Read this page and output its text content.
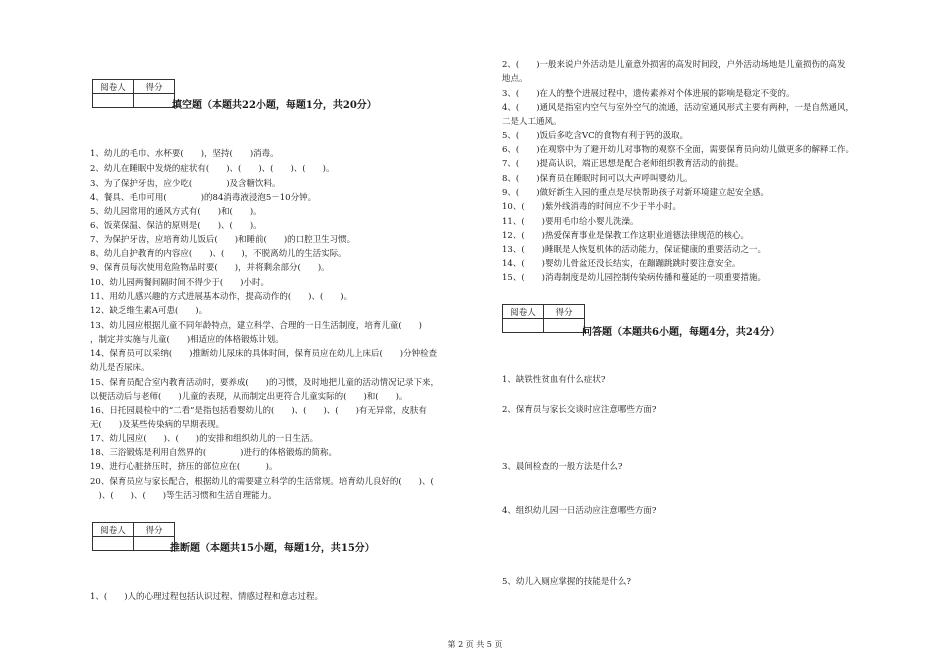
阅卷人	得分

填空题（本题共22小题，每题1分，共20分）
1、幼儿的毛巾、水杯要(　　)，坚持(　　)消毒。
2、幼儿在睡眠中发烧的症状有(　　)、(　　)、(　　)、(　　)。
3、为了保护牙齿，应少吃(　　　　)及含糖饮料。
4、餐具、毛巾可用(　　　　)的84消毒液浸泡5－10分钟。
5、幼儿园常用的通风方式有(　　)和(　　)。
6、饭菜保温、保洁的原则是(　　)、(　　)。
7、为保护牙齿，应培育幼儿饭后(　　)和睡前(　　)的口腔卫生习惯。
8、幼儿自护教育的内容应(　　)、(　　)，不脱离幼儿的生活实际。
9、保育员每次使用危险物品时要(　　)，并将剩余部分(　　)。
10、幼儿园两餐间隔时间不得少于(　　)小时。
11、用幼儿感兴趣的方式进展基本动作，提高动作的(　　)、(　　)。
12、缺乏维生素A可患(　　)。
13、幼儿园应根据儿童不同年龄特点，建立科学、合理的一日生活制度，培育儿童(　　)
，制定并实施与儿童(　　)相适应的体格锻炼计划。
14、保育员可以采纳(　　)推断幼儿尿床的具体时间，保育员应在幼儿上床后(　　)分钟检查
幼儿是否尿床。
15、保育员配合室内教育活动时，要养成(　　)的习惯，及时地把儿童的活动情况记录下来，
以便活动后与老师(　　)儿童的表现，从而制定出更符合儿童实际的(　　)和(　　)。
16、日托园晨检中的“二看”是指包括看婴幼儿的(　　)、(　　)、(　　)有无异常，皮肤有
无(　　)及某些传染病的早期表现。
17、幼儿园应(　　)、(　　)的安排和组织幼儿的一日生活。
18、三浴锻炼是利用自然界的(　　　　)进行的体格锻炼的简称。
19、进行心脏挤压时，挤压的部位应在(　　　)。
20、保育员应与家长配合，根据幼儿的需要建立科学的生活常规。培育幼儿良好的(　　)、(
　)、(　　)、(　　)等生活习惯和生活自理能力。
阅卷人	得分

推断题（本题共15小题，每题1分，共15分）
1、(　　)人的心理过程包括认识过程、情感过程和意志过程。
2、(　　)一般来说户外活动是儿童意外损害的高发时间段，户外活动场地是儿童损伤的高发
地点。
3、(　　)在人的整个进展过程中，遗传素养对个体进展的影响是稳定不变的。
4、(　　)通风是指室内空气与室外空气的流通，活动室通风形式主要有两种，一是自然通风，
二是人工通风。
5、(　　)饭后多吃含VC的食物有利于钙的汲取。
6、(　　)在观察中为了避开幼儿对事物的观察不全面，需要保育员向幼儿做更多的解释工作。
7、(　　)提高认识，端正思想是配合老师组织教育活动的前提。
8、(　　)保育员在睡眠时间可以大声呼叫婴幼儿。
9、(　　)做好新生入园的重点是尽快帮助孩子对新环境建立起安全感。
10、(　　)紫外线消毒的时间应不少于半小时。
11、(　　)要用毛巾给小婴儿洗澡。
12、(　　)热爱保育事业是保教工作这职业道德法律规范的核心。
13、(　　)睡眠是人恢复机体的活动能力，保证健康的重要活动之一。
14、(　　)婴幼儿骨盆还没长结实，在蹦蹦跳跳时要注意安全。
15、(　　)消毒制度是幼儿园控制传染病传播和蔓延的一项重要措施。
阅卷人	得分

问答题（本题共6小题，每题4分，共24分）
1、缺铁性贫血有什么症状?
2、保育员与家长交谈时应注意哪些方面?
3、晨间检查的一般方法是什么?
4、组织幼儿园一日活动应注意哪些方面?
5、幼儿入厕应掌握的技能是什么?
第 2 页 共 5 页
